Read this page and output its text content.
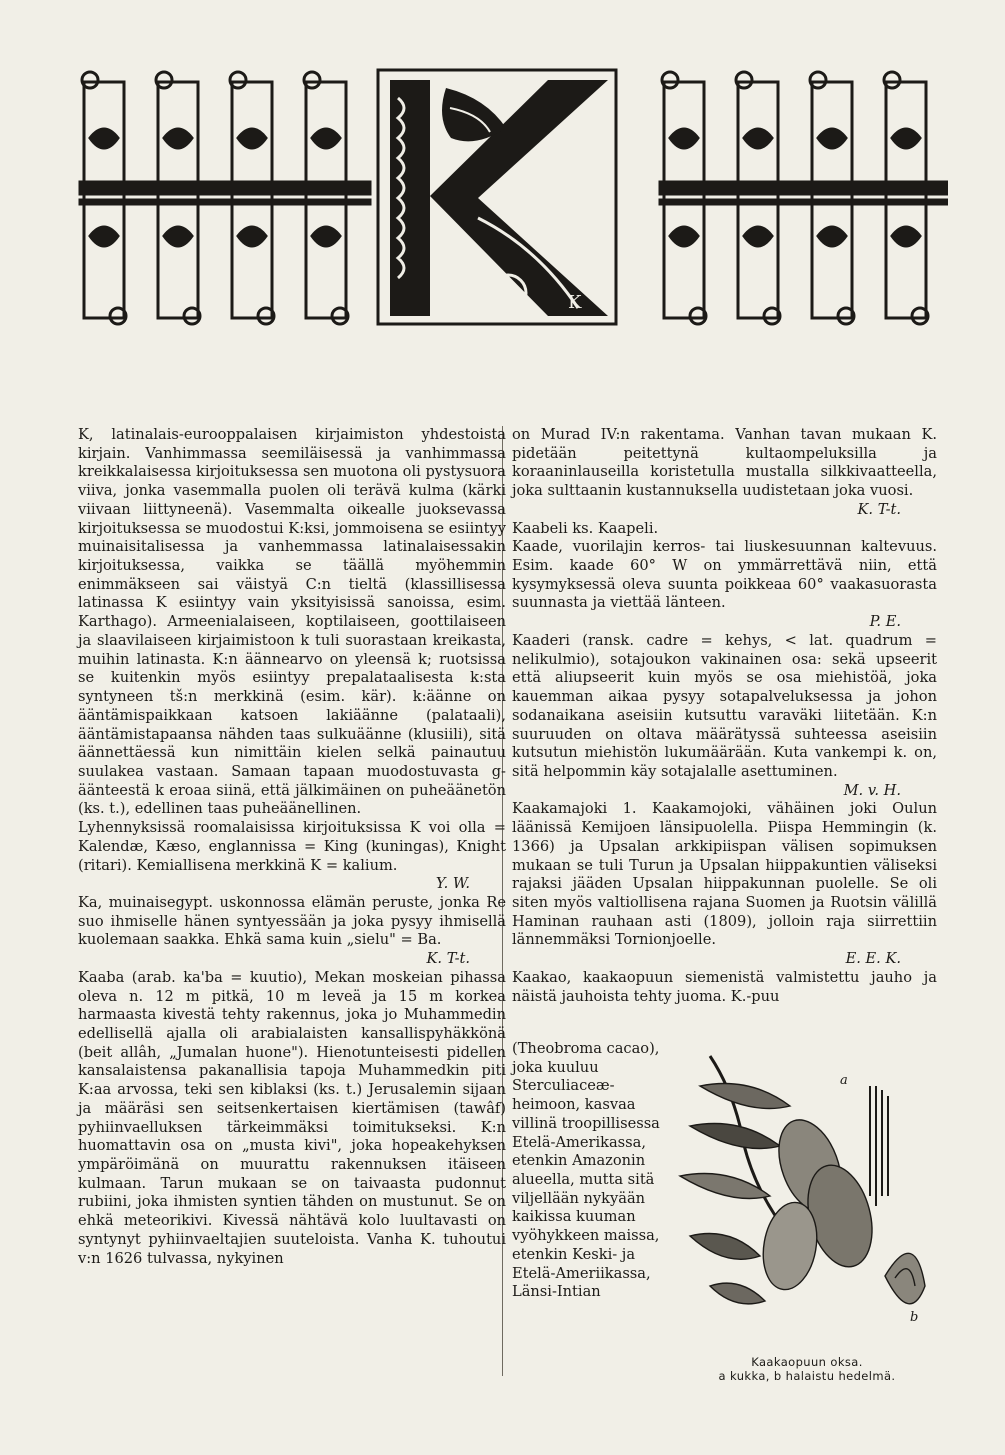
K

K, latinalais-eurooppalaisen kirjaimiston yhdestoista kirjain. Vanhimmassa seemiläisessä ja vanhimmassa kreikkalaisessa kirjoituksessa sen muotona oli pystysuora viiva, jonka vasemmalla puolen oli terävä kulma (kärki viivaan liittyneenä). Vasemmalta oikealle juoksevassa kirjoituksessa se muodostui K:ksi, jommoisena se esiintyy muinaisitalisessa ja vanhemmassa latinalaisessakin kirjoituksessa, vaikka se täällä myöhemmin enimmäkseen sai väistyä C:n tieltä (klassillisessa latinassa K esiintyy vain yksityisissä sanoissa, esim. Karthago). Armeenialaiseen, koptilaiseen, goottilaiseen ja slaavilaiseen kirjaimistoon k tuli suorastaan kreikasta, muihin latinasta. K:n äännearvo on yleensä k; ruotsissa se kuitenkin myös esiintyy prepalataalisesta k:sta syntyneen tš:n merkkinä (esim. kär). k:äänne on ääntämispaikkaan katsoen lakiäänne (palataali), ääntämistapaansa nähden taas sulkuäänne (klusiili), sitä äännettäessä kun nimittäin kielen selkä painautuu suulakea vastaan. Samaan tapaan muodostuvasta g-äänteestä k eroaa siinä, että jälkimäinen on puheäänetön (ks. t.), edellinen taas puheäänellinen.

Lyhennyksissä roomalaisissa kirjoituksissa K voi olla = Kalendæ, Kæso, englannissa = King (kuningas), Knight (ritari). Kemiallisena merkkinä K = kalium.

Y. W.

Ka, muinaisegypt. uskonnossa elämän peruste, jonka Re suo ihmiselle hänen syntyessään ja joka pysyy ihmisellä kuolemaan saakka. Ehkä sama kuin „sielu" = Ba.

K. T-t.

Kaaba (arab. ka'ba = kuutio), Mekan moskeian pihassa oleva n. 12 m pitkä, 10 m leveä ja 15 m korkea harmaasta kivestä tehty rakennus, joka jo Muhammedin edellisellä ajalla oli arabialaisten kansallispyhäkkönä (beit allâh, „Jumalan huone"). Hienotunteisesti pidellen kansalaistensa pakanallisia tapoja Muhammedkin piti K:aa arvossa, teki sen kiblaksi (ks. t.) Jerusalemin sijaan ja määräsi sen seitsenkertaisen kiertämisen (tawâf) pyhiinvaelluksen tärkeimmäksi toimitukseksi. K:n huomattavin osa on „musta kivi", joka hopeakehyksen ympäröimänä on muurattu rakennuksen itäiseen kulmaan. Tarun mukaan se on taivaasta pudonnut rubiini, joka ihmisten syntien tähden on mustunut. Se on ehkä meteorikivi. Kivessä nähtävä kolo luultavasti on syntynyt pyhiinvaeltajien suuteloista. Vanha K. tuhoutui v:n 1626 tulvassa, nykyinen

on Murad IV:n rakentama. Vanhan tavan mukaan K. pidetään peitettynä kultaompeluksilla ja koraaninlauseilla koristetulla mustalla silkkivaatteella, joka sulttaanin kustannuksella uudistetaan joka vuosi.

K. T-t.

Kaabeli ks. Kaapeli.

Kaade, vuorilajin kerros- tai liuskesuunnan kaltevuus. Esim. kaade 60° W on ymmärrettävä niin, että kysymyksessä oleva suunta poikkeaa 60° vaakasuorasta suunnasta ja viettää länteen.

P. E.

Kaaderi (ransk. cadre = kehys, < lat. quadrum = nelikulmio), sotajoukon vakinainen osa: sekä upseerit että aliupseerit kuin myös se osa miehistöä, joka kauemman aikaa pysyy sotapalveluksessa ja johon sodanaikana aseisiin kutsuttu varaväki liitetään. K:n suuruuden on oltava määrätyssä suhteessa aseisiin kutsutun miehistön lukumäärään. Kuta vankempi k. on, sitä helpommin käy sotajalalle asettuminen.

M. v. H.

Kaakamajoki 1. Kaakamojoki, vähäinen joki Oulun läänissä Kemijoen länsipuolella. Piispa Hemmingin (k. 1366) ja Upsalan arkkipiispan välisen sopimuksen mukaan se tuli Turun ja Upsalan hiippakuntien väliseksi rajaksi jääden Upsalan hiippakunnan puolelle. Se oli siten myös valtiollisena rajana Suomen ja Ruotsin välillä Haminan rauhaan asti (1809), jolloin raja siirrettiin lännemmäksi Tornionjoelle.

E. E. K.

Kaakao, kaakaopuun siemenistä valmistettu jauho ja näistä jauhoista tehty juoma. K.-puu

(Theobroma cacao), joka kuuluu Sterculiaceæ-heimoon, kasvaa villinä troopillisessa Etelä-Amerikassa, etenkin Amazonin alueella, mutta sitä viljellään nykyään kaikissa kuuman vyöhykkeen maissa, etenkin Keski- ja Etelä-Ameriikassa, Länsi-Intian

a
b
Kaakaopuun oksa.
a kukka, b halaistu hedelmä.
